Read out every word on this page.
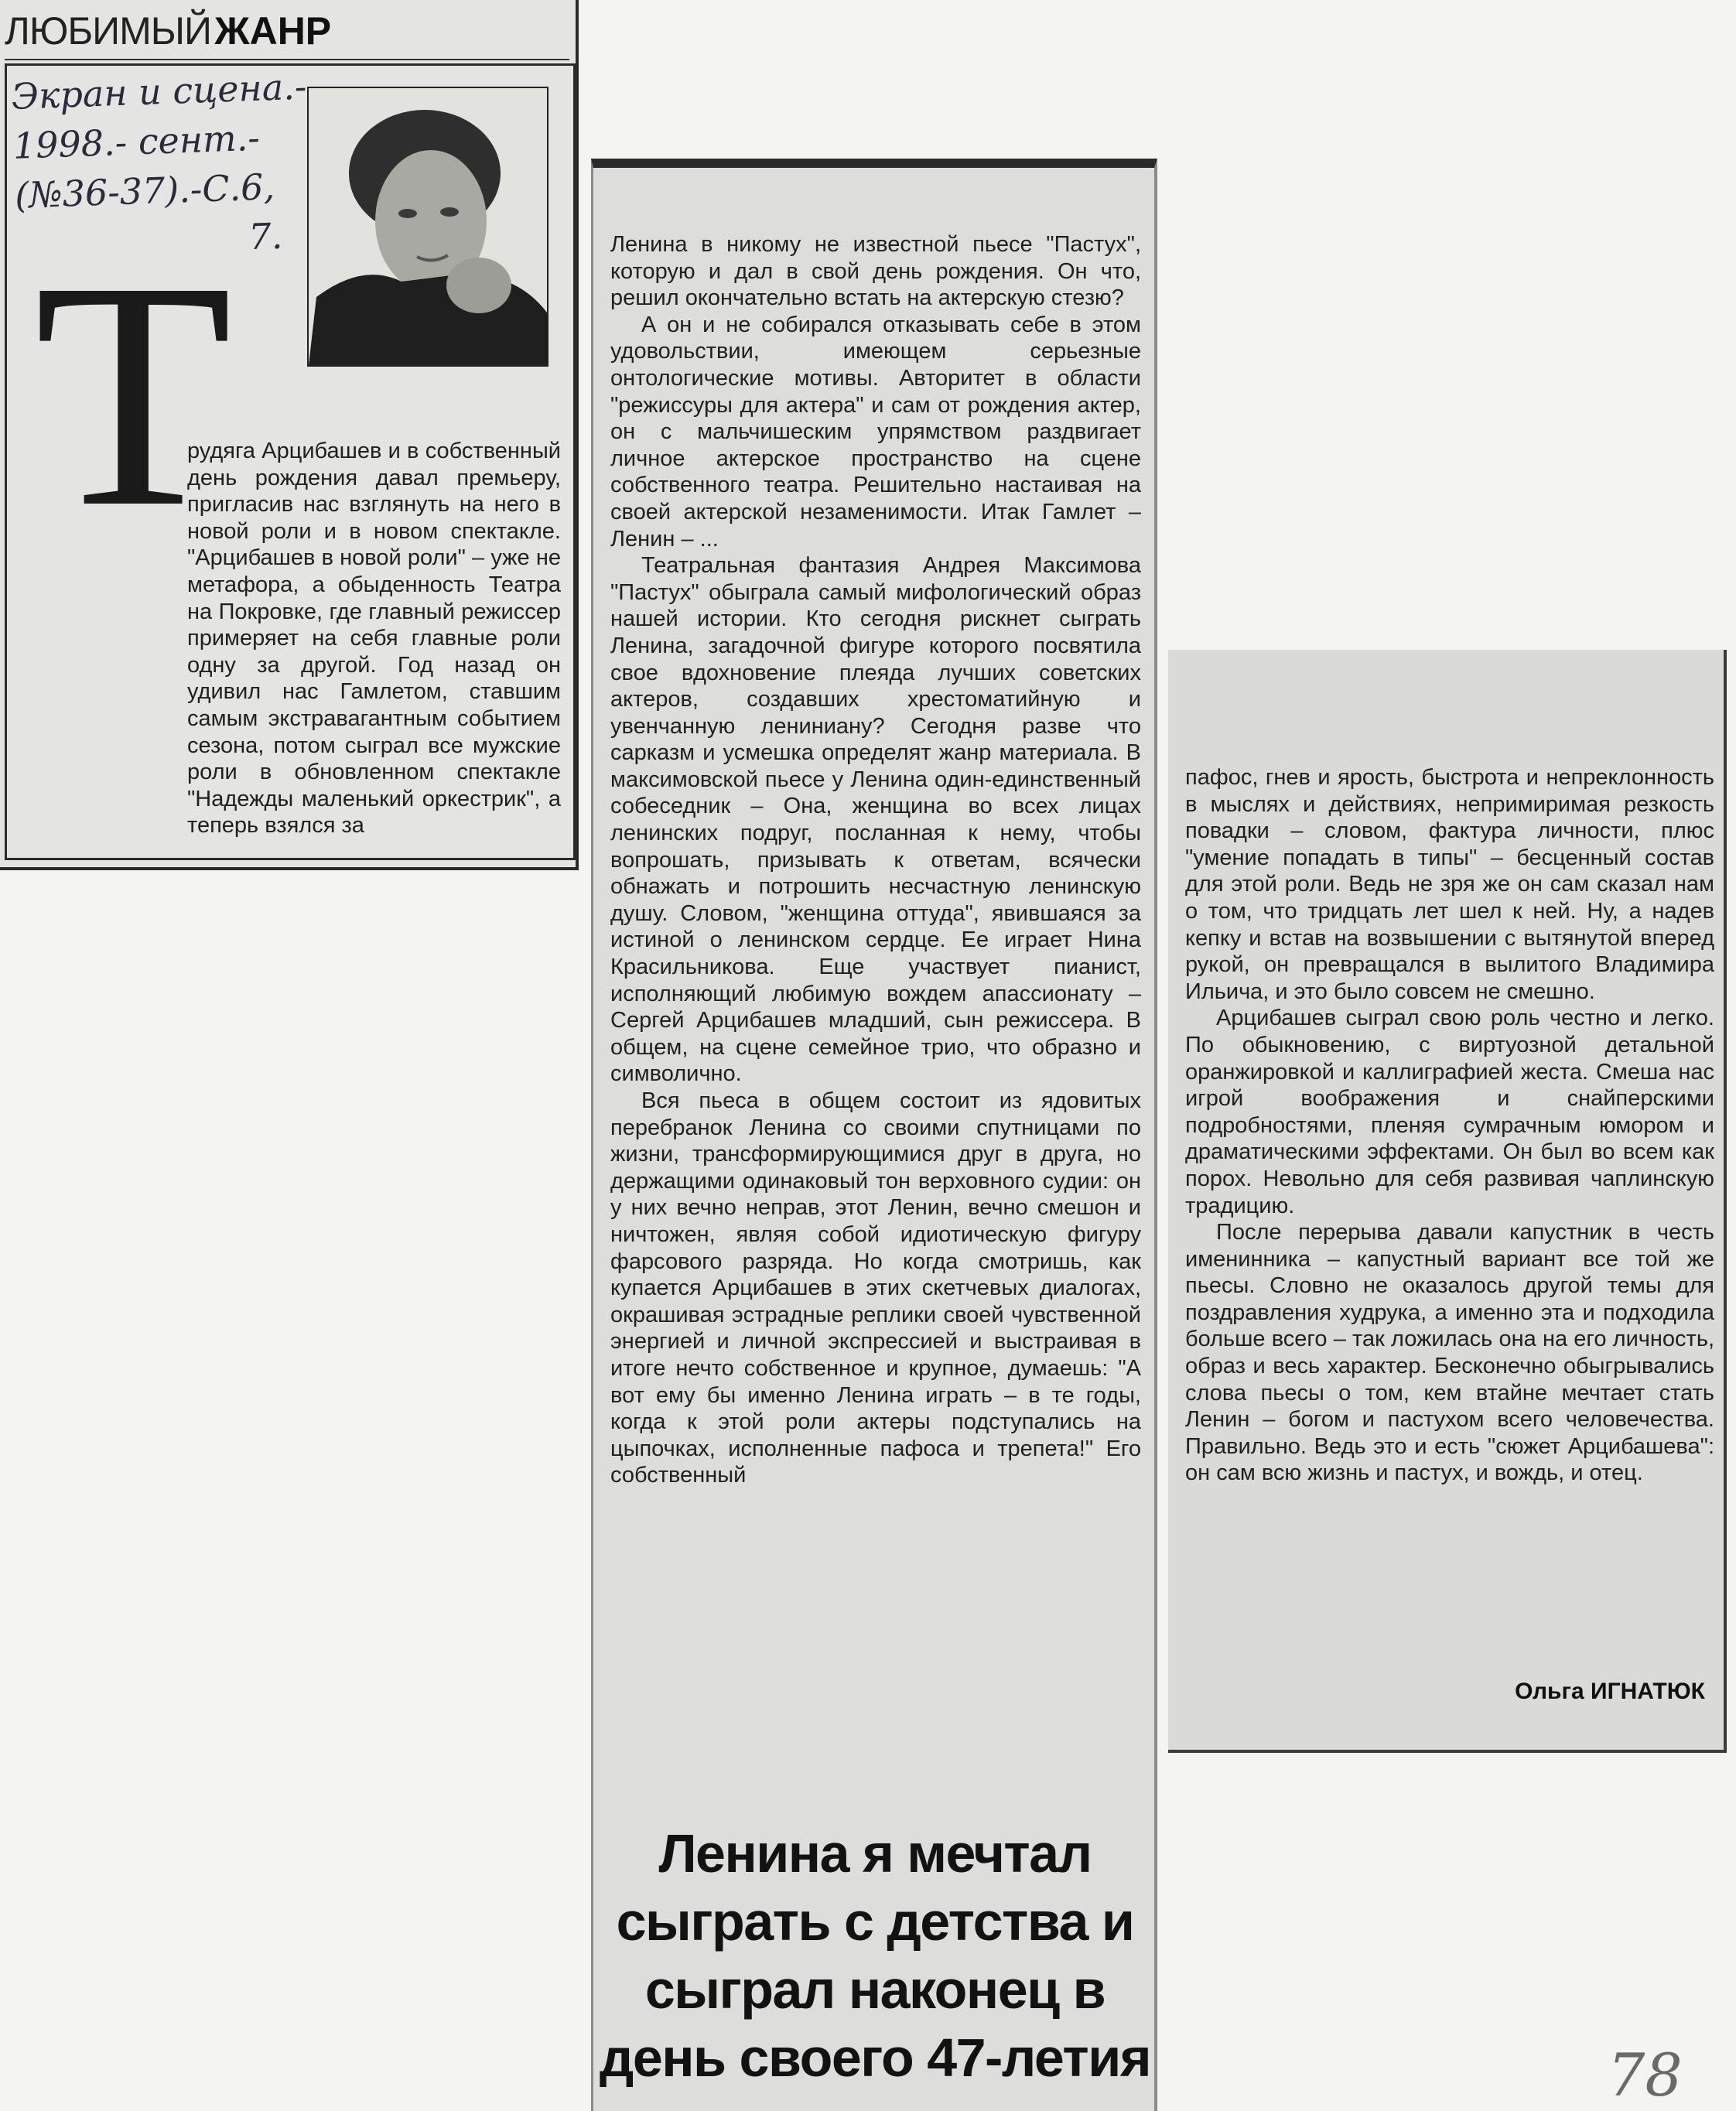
ЛЮБИМЫЙ ЖАНР
Экран и сцена.-
1998.- сент.-
(№36-37).-С.6,
7.
Т

рудяга Арцибашев и в собственный день рождения давал премьеру, пригласив нас взглянуть на него в новой роли и в новом спектакле. "Арцибашев в новой роли" – уже не метафора, а обыденность Театра на Покровке, где главный режиссер примеряет на себя главные роли одну за другой. Год назад он удивил нас Гамлетом, ставшим самым экстравагантным событием сезона, потом сыграл все мужские роли в обновленном спектакле "Надежды маленький оркестрик", а теперь взялся за

Ленина в никому не известной пьесе "Пастух", которую и дал в свой день рождения. Он что, решил окончательно встать на актерскую стезю?

А он и не собирался отказывать себе в этом удовольствии, имеющем серьезные онтологические мотивы. Авторитет в области "режиссуры для актера" и сам от рождения актер, он с мальчишеским упрямством раздвигает личное актерское пространство на сцене собственного театра. Решительно настаивая на своей актерской незаменимости. Итак Гамлет – Ленин – ...

Театральная фантазия Андрея Максимова "Пастух" обыграла самый мифологический образ нашей истории. Кто сегодня рискнет сыграть Ленина, загадочной фигуре которого посвятила свое вдохновение плеяда лучших советских актеров, создавших хрестоматийную и увенчанную лениниану? Сегодня разве что сарказм и усмешка определят жанр материала. В максимовской пьесе у Ленина один-единственный собеседник – Она, женщина во всех лицах ленинских подруг, посланная к нему, чтобы вопрошать, призывать к ответам, всячески обнажать и потрошить несчастную ленинскую душу. Словом, "женщина оттуда", явившаяся за истиной о ленинском сердце. Ее играет Нина Красильникова. Еще участвует пианист, исполняющий любимую вождем апассионату – Сергей Арцибашев младший, сын режиссера. В общем, на сцене семейное трио, что образно и символично.

Вся пьеса в общем состоит из ядовитых перебранок Ленина со своими спутницами по жизни, трансформирующимися друг в друга, но держащими одинаковый тон верховного судии: он у них вечно неправ, этот Ленин, вечно смешон и ничтожен, являя собой идиотическую фигуру фарсового разряда. Но когда смотришь, как купается Арцибашев в этих скетчевых диалогах, окрашивая эстрадные реплики своей чувственной энергией и личной экспрессией и выстраивая в итоге нечто собственное и крупное, думаешь: "А вот ему бы именно Ленина играть – в те годы, когда к этой роли актеры подступались на цыпочках, исполненные пафоса и трепета!" Его собственный

Ленина я мечтал сыграть с детства и сыграл наконец в день своего 47-летия

пафос, гнев и ярость, быстрота и непреклонность в мыслях и действиях, непримиримая резкость повадки – словом, фактура личности, плюс "умение попадать в типы" – бесценный состав для этой роли. Ведь не зря же он сам сказал нам о том, что тридцать лет шел к ней. Ну, а надев кепку и встав на возвышении с вытянутой вперед рукой, он превращался в вылитого Владимира Ильича, и это было совсем не смешно.

Арцибашев сыграл свою роль честно и легко. По обыкновению, с виртуозной детальной оранжировкой и каллиграфией жеста. Смеша нас игрой воображения и снайперскими подробностями, пленяя сумрачным юмором и драматическими эффектами. Он был во всем как порох. Невольно для себя развивая чаплинскую традицию.

После перерыва давали капустник в честь именинника – капустный вариант все той же пьесы. Словно не оказалось другой темы для поздравления худрука, а именно эта и подходила больше всего – так ложилась она на его личность, образ и весь характер. Бесконечно обыгрывались слова пьесы о том, кем втайне мечтает стать Ленин – богом и пастухом всего человечества. Правильно. Ведь это и есть "сюжет Арцибашева": он сам всю жизнь и пастух, и вождь, и отец.

Ольга ИГНАТЮК
78
